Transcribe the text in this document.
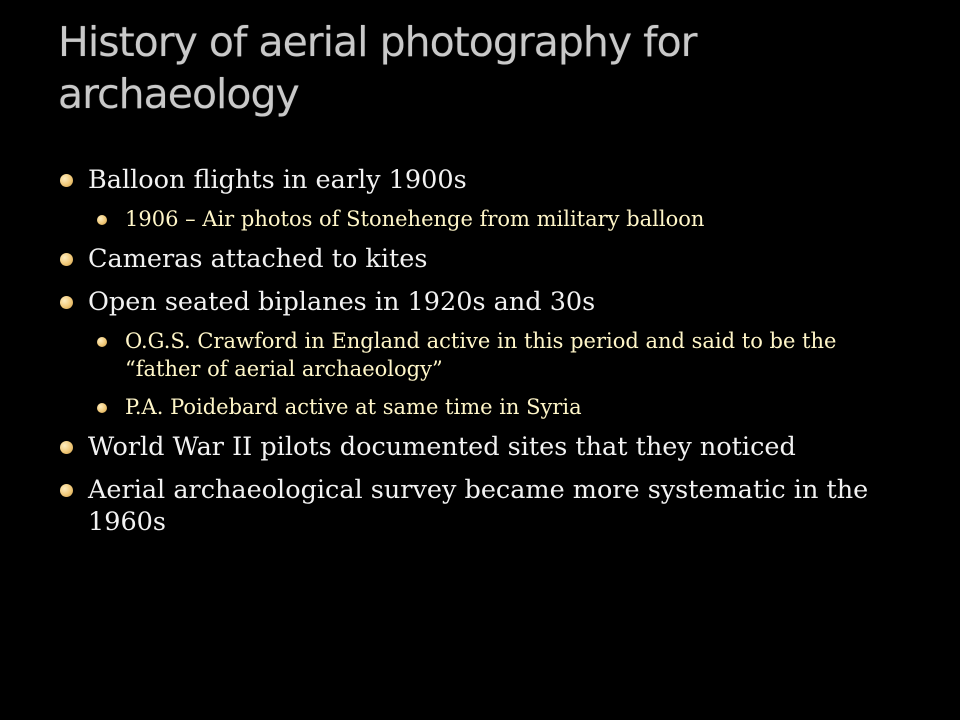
History of aerial photography for archaeology
Balloon flights in early 1900s
1906 – Air photos of Stonehenge from military balloon
Cameras attached to kites
Open seated biplanes in 1920s and 30s
O.G.S. Crawford in England active in this period and said to be the “father of aerial archaeology”
P.A. Poidebard active at same time in Syria
World War II pilots documented sites that they noticed
Aerial archaeological survey became more systematic in the 1960s
